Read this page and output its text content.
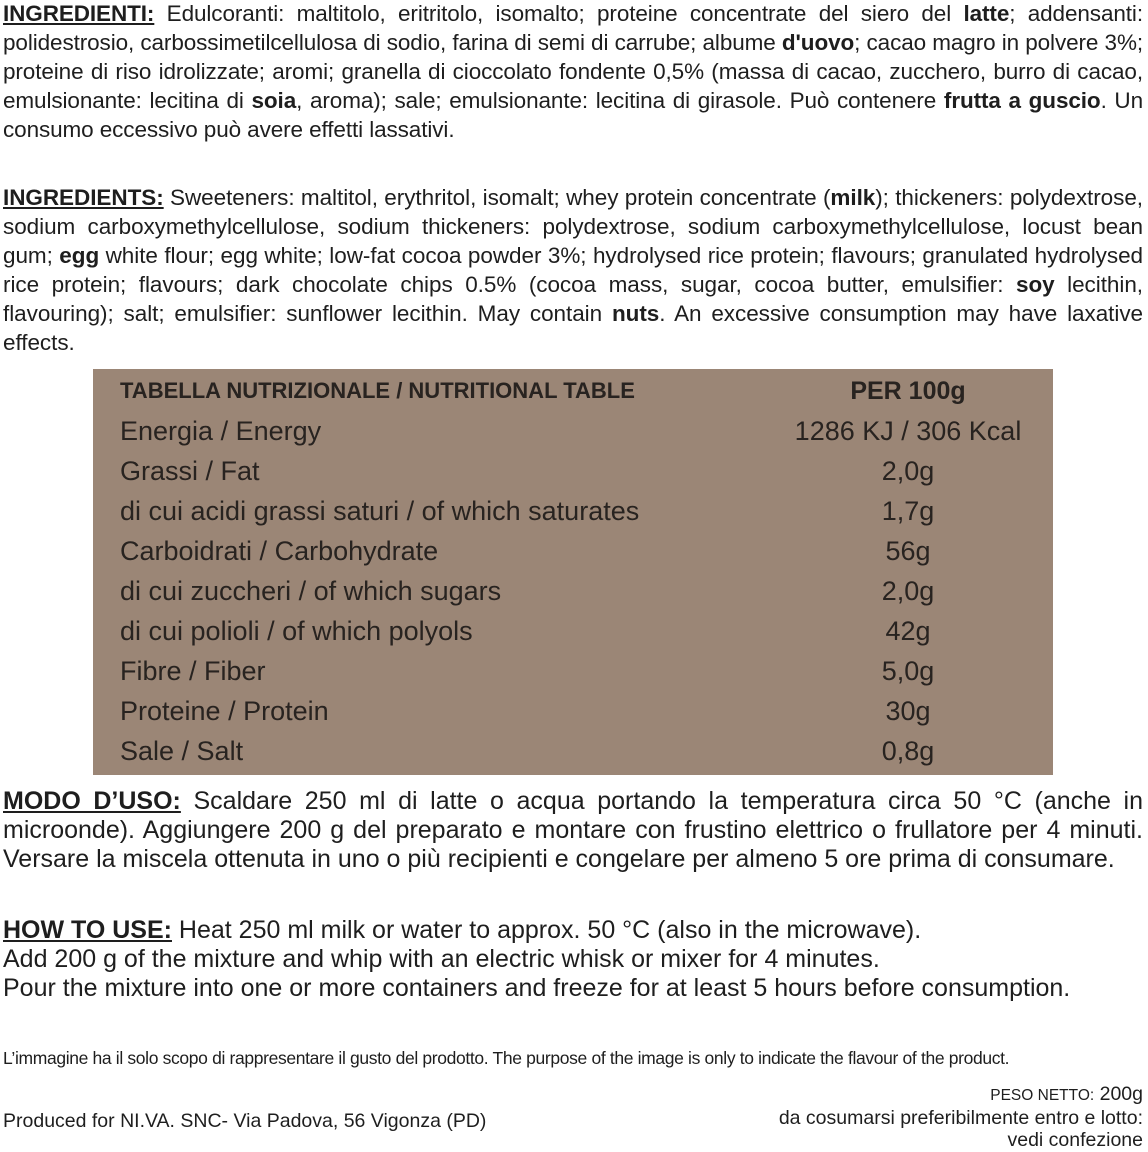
INGREDIENTI: Edulcoranti: maltitolo, eritritolo, isomalto; proteine concentrate del siero del latte; addensanti: polidestrosio, carbossimetilcellulosa di sodio, farina di semi di carrube; albume d'uovo; cacao magro in polvere 3%; proteine di riso idrolizzate; aromi; granella di cioccolato fondente 0,5% (massa di cacao, zucchero, burro di cacao, emulsionante: lecitina di soia, aroma); sale; emulsionante: lecitina di girasole. Può contenere frutta a guscio. Un consumo eccessivo può avere effetti lassativi.

INGREDIENTS: Sweeteners: maltitol, erythritol, isomalt; whey protein concentrate (milk); thickeners: polydextrose, sodium carboxymethylcellulose, sodium thickeners: polydextrose, sodium carboxymethylcellulose, locust bean gum; egg white flour; egg white; low-fat cocoa powder 3%; hydrolysed rice protein; flavours; granulated hydrolysed rice protein; flavours; dark chocolate chips 0.5% (cocoa mass, sugar, cocoa butter, emulsifier: soy lecithin, flavouring); salt; emulsifier: sunflower lecithin. May contain nuts. An excessive consumption may have laxative effects.

TABELLA NUTRIZIONALE / NUTRITIONAL TABLE	PER 100g
Energia / Energy	1286 KJ / 306 Kcal
Grassi / Fat	2,0g
di cui acidi grassi saturi / of which saturates	1,7g
Carboidrati / Carbohydrate	56g
di cui zuccheri / of which sugars	2,0g
di cui polioli / of which polyols	42g
Fibre / Fiber	5,0g
Proteine / Protein	30g
Sale / Salt	0,8g

MODO D’USO: Scaldare 250 ml di latte o acqua portando la temperatura circa 50 °C (anche in microonde). Aggiungere 200 g del preparato e montare con frustino elettrico o frullatore per 4 minuti. Versare la miscela ottenuta in uno o più recipienti e congelare per almeno 5 ore prima di consumare.

HOW TO USE: Heat 250 ml milk or water to approx. 50 °C (also in the microwave).
Add 200 g of the mixture and whip with an electric whisk or mixer for 4 minutes.
Pour the mixture into one or more containers and freeze for at least 5 hours before consumption.

L’immagine ha il solo scopo di rappresentare il gusto del prodotto. The purpose of the image is only to indicate the flavour of the product.
Produced for NI.VA. SNC- Via Padova, 56 Vigonza (PD)
PESO NETTO: 200g
da cosumarsi preferibilmente entro e lotto:
vedi confezione
